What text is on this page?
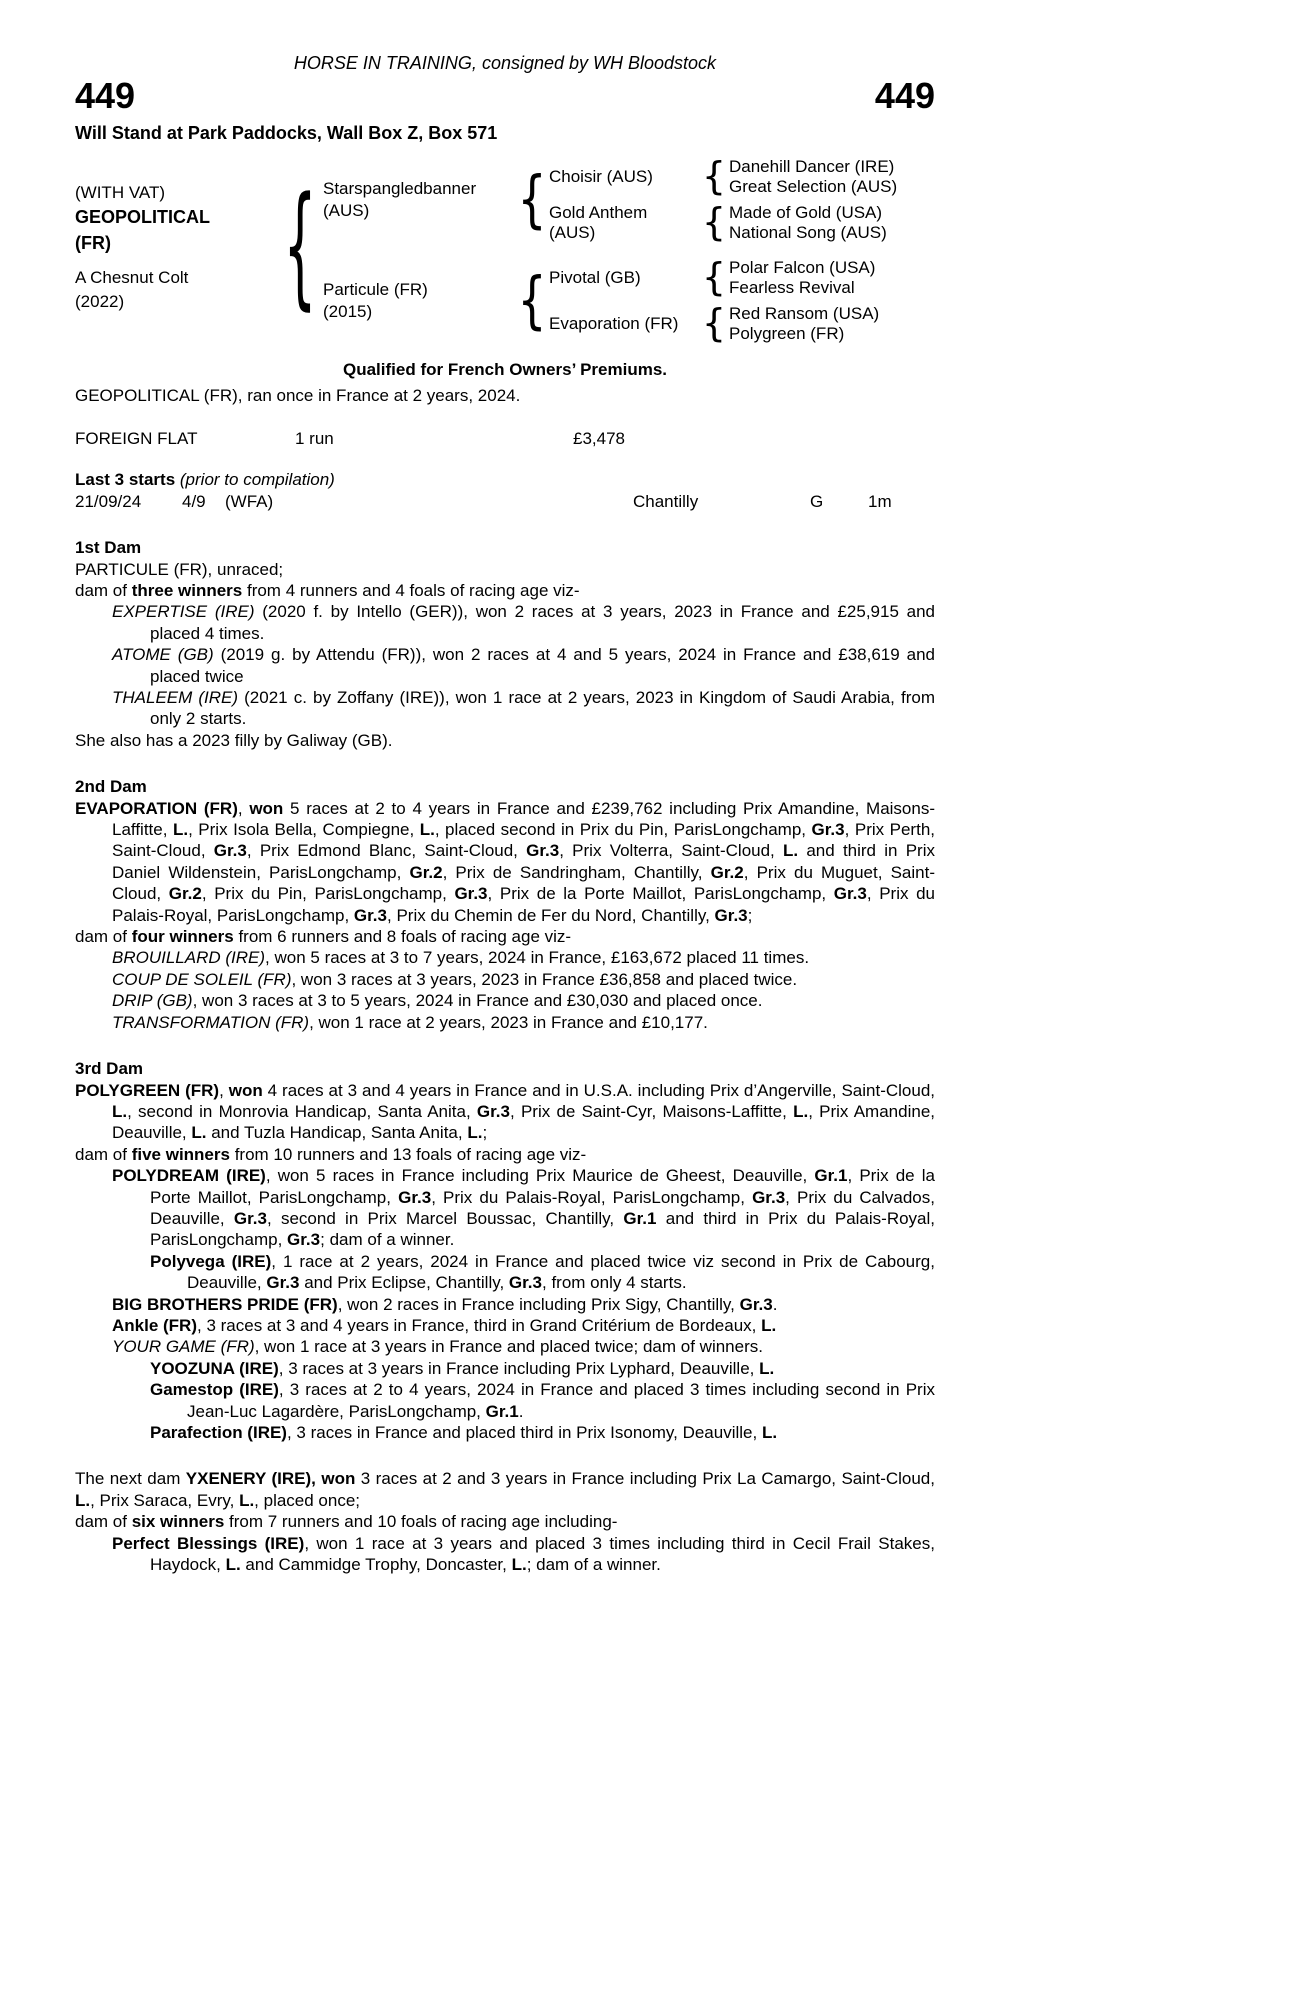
HORSE IN TRAINING, consigned by WH Bloodstock
449	449
Will Stand at Park Paddocks, Wall Box Z, Box 571
(WITH VAT)
GEOPOLITICAL
(FR)
A Chesnut Colt
(2022)	{ Starspangledbanner
(AUS)	{ Choisir (AUS)	{ Danehill Dancer (IRE)
Great Selection (AUS)
Gold Anthem
(AUS)	{ Made of Gold (USA)
National Song (AUS)
Particule (FR)
(2015)	{ Pivotal (GB)	{ Polar Falcon (USA)
Fearless Revival
Evaporation (FR) { Red Ransom (USA)
Polygreen (FR)
Qualified for French Owners’ Premiums.
GEOPOLITICAL (FR), ran once in France at 2 years, 2024.
FOREIGN FLAT	1 run	£3,478
Last 3 starts (prior to compilation)
21/09/24	4/9	(WFA)	Chantilly	G	1m
1st Dam
PARTICULE (FR), unraced;
dam of three winners from 4 runners and 4 foals of racing age viz-
EXPERTISE (IRE) (2020 f. by Intello (GER)), won 2 races at 3 years, 2023 in France and £25,915 and placed 4 times.
ATOME (GB) (2019 g. by Attendu (FR)), won 2 races at 4 and 5 years, 2024 in France and £38,619 and placed twice
THALEEM (IRE) (2021 c. by Zoffany (IRE)), won 1 race at 2 years, 2023 in Kingdom of Saudi Arabia, from only 2 starts.
She also has a 2023 filly by Galiway (GB).
2nd Dam
EVAPORATION (FR), won 5 races at 2 to 4 years in France and £239,762 including Prix Amandine, Maisons-Laffitte, L., Prix Isola Bella, Compiegne, L., placed second in Prix du Pin, ParisLongchamp, Gr.3, Prix Perth, Saint-Cloud, Gr.3, Prix Edmond Blanc, Saint-Cloud, Gr.3, Prix Volterra, Saint-Cloud, L. and third in Prix Daniel Wildenstein, ParisLongchamp, Gr.2, Prix de Sandringham, Chantilly, Gr.2, Prix du Muguet, Saint-Cloud, Gr.2, Prix du Pin, ParisLongchamp, Gr.3, Prix de la Porte Maillot, ParisLongchamp, Gr.3, Prix du Palais-Royal, ParisLongchamp, Gr.3, Prix du Chemin de Fer du Nord, Chantilly, Gr.3;
dam of four winners from 6 runners and 8 foals of racing age viz-
BROUILLARD (IRE), won 5 races at 3 to 7 years, 2024 in France, £163,672 placed 11 times.
COUP DE SOLEIL (FR), won 3 races at 3 years, 2023 in France £36,858 and placed twice.
DRIP (GB), won 3 races at 3 to 5 years, 2024 in France and £30,030 and placed once.
TRANSFORMATION (FR), won 1 race at 2 years, 2023 in France and £10,177.
3rd Dam
POLYGREEN (FR), won 4 races at 3 and 4 years in France and in U.S.A. including Prix d’Angerville, Saint-Cloud, L., second in Monrovia Handicap, Santa Anita, Gr.3, Prix de Saint-Cyr, Maisons-Laffitte, L., Prix Amandine, Deauville, L. and Tuzla Handicap, Santa Anita, L.;
dam of five winners from 10 runners and 13 foals of racing age viz-
POLYDREAM (IRE), won 5 races in France including Prix Maurice de Gheest, Deauville, Gr.1, Prix de la Porte Maillot, ParisLongchamp, Gr.3, Prix du Palais-Royal, ParisLongchamp, Gr.3, Prix du Calvados, Deauville, Gr.3, second in Prix Marcel Boussac, Chantilly, Gr.1 and third in Prix du Palais-Royal, ParisLongchamp, Gr.3; dam of a winner.
Polyvega (IRE), 1 race at 2 years, 2024 in France and placed twice viz second in Prix de Cabourg, Deauville, Gr.3 and Prix Eclipse, Chantilly, Gr.3, from only 4 starts.
BIG BROTHERS PRIDE (FR), won 2 races in France including Prix Sigy, Chantilly, Gr.3.
Ankle (FR), 3 races at 3 and 4 years in France, third in Grand Critérium de Bordeaux, L.
YOUR GAME (FR), won 1 race at 3 years in France and placed twice; dam of winners.
YOOZUNA (IRE), 3 races at 3 years in France including Prix Lyphard, Deauville, L.
Gamestop (IRE), 3 races at 2 to 4 years, 2024 in France and placed 3 times including second in Prix Jean-Luc Lagardère, ParisLongchamp, Gr.1.
Parafection (IRE), 3 races in France and placed third in Prix Isonomy, Deauville, L.
The next dam YXENERY (IRE), won 3 races at 2 and 3 years in France including Prix La Camargo, Saint-Cloud, L., Prix Saraca, Evry, L., placed once;
dam of six winners from 7 runners and 10 foals of racing age including-
Perfect Blessings (IRE), won 1 race at 3 years and placed 3 times including third in Cecil Frail Stakes, Haydock, L. and Cammidge Trophy, Doncaster, L.; dam of a winner.
